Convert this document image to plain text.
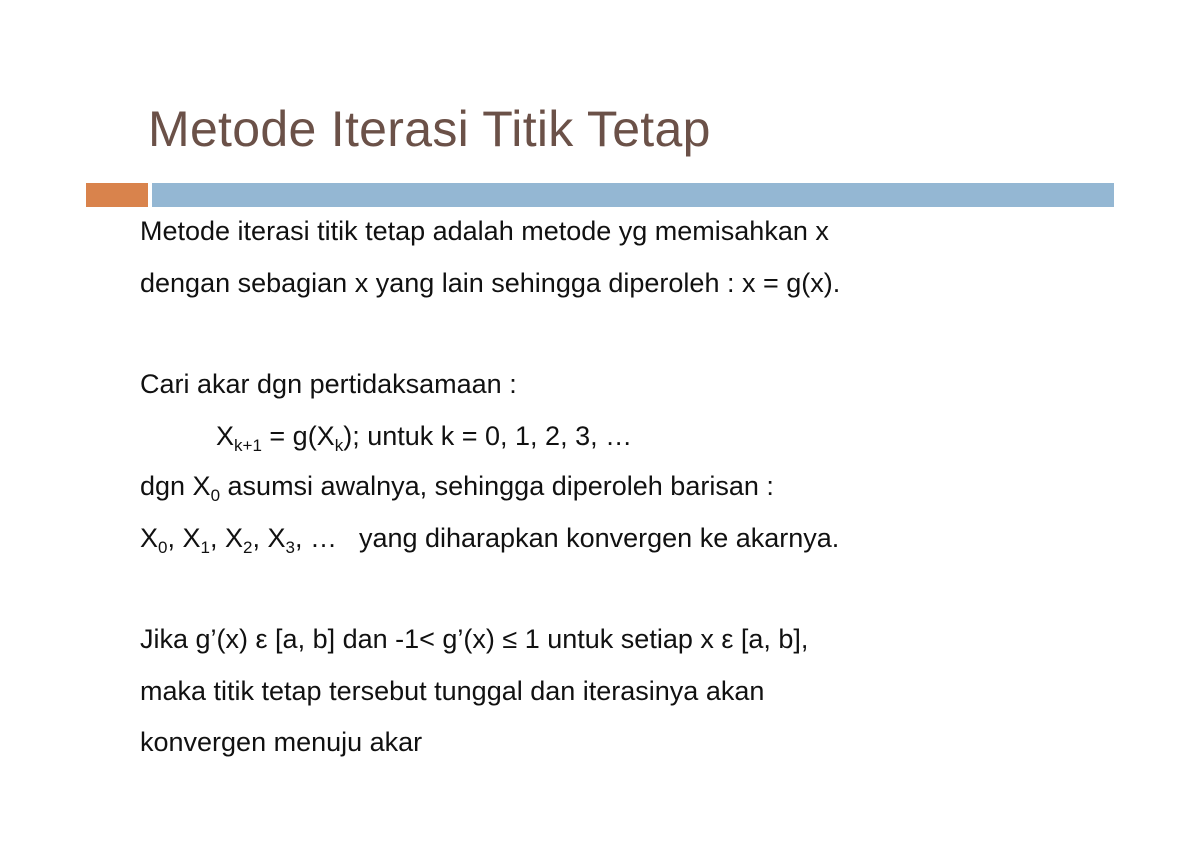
Metode Iterasi Titik Tetap
Metode iterasi titik tetap adalah metode yg memisahkan x
dengan sebagian x yang lain sehingga diperoleh : x = g(x).
Cari akar dgn pertidaksamaan :
$X_{k+1} = g(X_k)$; untuk k = 0, 1, 2, 3, …
dgn $X_0$ asumsi awalnya, sehingga diperoleh barisan :
$X_0$, $X_1$, $X_2$, $X_3$, … yang diharapkan konvergen ke akarnya.
Jika g’(x) ε [a, b] dan -1< g’(x) ≤ 1 untuk setiap x ε [a, b],
maka titik tetap tersebut tunggal dan iterasinya akan
konvergen menuju akar
